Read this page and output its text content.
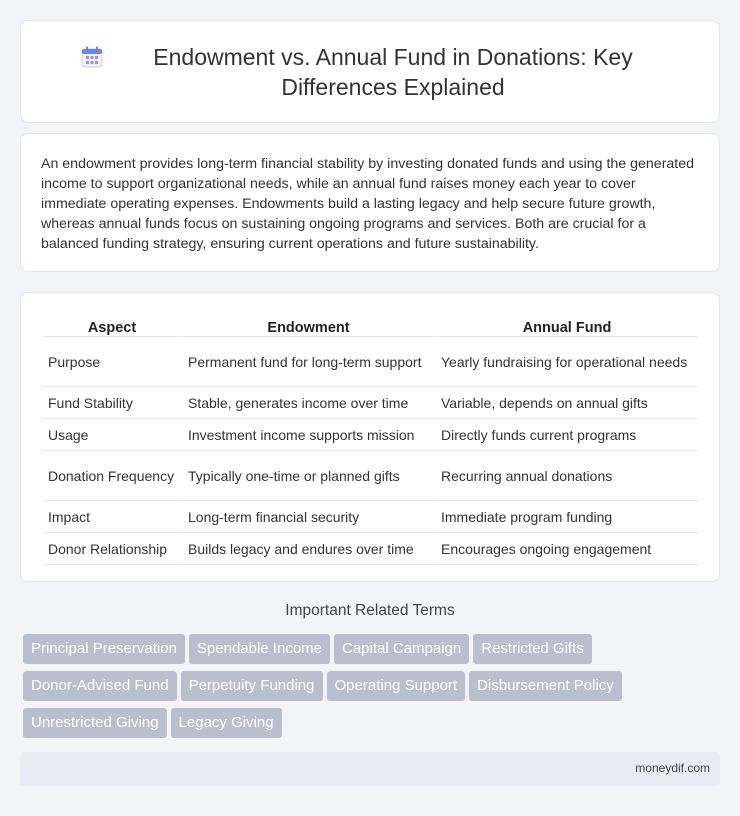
Endowment vs. Annual Fund in Donations: Key Differences Explained

An endowment provides long-term financial stability by investing donated funds and using the generated income to support organizational needs, while an annual fund raises money each year to cover immediate operating expenses. Endowments build a lasting legacy and help secure future growth, whereas annual funds focus on sustaining ongoing programs and services. Both are crucial for a balanced funding strategy, ensuring current operations and future sustainability.

Aspect	Endowment	Annual Fund
Purpose	Permanent fund for long-term support	Yearly fundraising for operational needs
Fund Stability	Stable, generates income over time	Variable, depends on annual gifts
Usage	Investment income supports mission	Directly funds current programs
Donation Frequency	Typically one-time or planned gifts	Recurring annual donations
Impact	Long-term financial security	Immediate program funding
Donor Relationship	Builds legacy and endures over time	Encourages ongoing engagement
Important Related Terms
Principal Preservation Spendable Income Capital Campaign Restricted Gifts
Donor-Advised Fund Perpetuity Funding Operating Support Disbursement Policy
Unrestricted Giving Legacy Giving
moneydif.com
